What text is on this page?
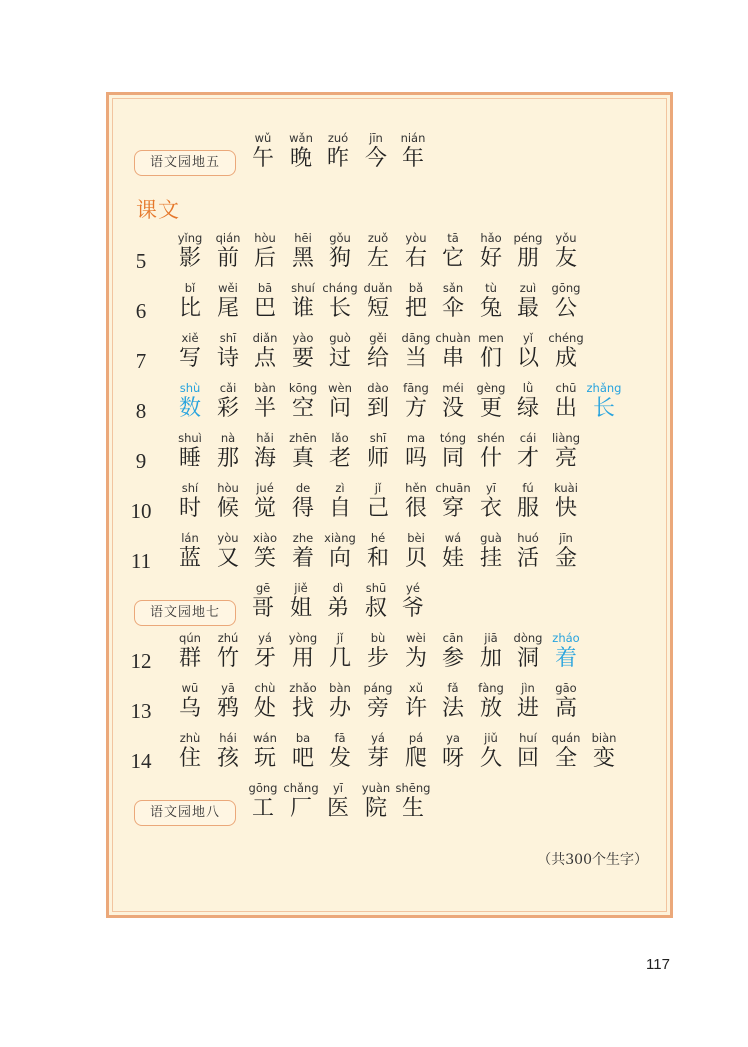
课文
语文园地五
wǔ
午
wǎn
晚
zuó
昨
jīn
今
nián
年
5
yǐng
影
qián
前
hòu
后
hēi
黑
gǒu
狗
zuǒ
左
yòu
右
tā
它
hǎo
好
péng
朋
yǒu
友
6
bǐ
比
wěi
尾
bā
巴
shuí
谁
cháng
长
duǎn
短
bǎ
把
sǎn
伞
tù
兔
zuì
最
gōng
公
7
xiě
写
shī
诗
diǎn
点
yào
要
guò
过
gěi
给
dāng
当
chuàn
串
men
们
yǐ
以
chéng
成
8
shù
数
cǎi
彩
bàn
半
kōng
空
wèn
问
dào
到
fāng
方
méi
没
gèng
更
lǜ
绿
chū
出
zhǎng
长
9
shuì
睡
nà
那
hǎi
海
zhēn
真
lǎo
老
shī
师
ma
吗
tóng
同
shén
什
cái
才
liàng
亮
10
shí
时
hòu
候
jué
觉
de
得
zì
自
jǐ
己
hěn
很
chuān
穿
yī
衣
fú
服
kuài
快
11
lán
蓝
yòu
又
xiào
笑
zhe
着
xiàng
向
hé
和
bèi
贝
wá
娃
guà
挂
huó
活
jīn
金
语文园地七
gē
哥
jiě
姐
dì
弟
shū
叔
yé
爷
12
qún
群
zhú
竹
yá
牙
yòng
用
jǐ
几
bù
步
wèi
为
cān
参
jiā
加
dòng
洞
zháo
着
13
wū
乌
yā
鸦
chù
处
zhǎo
找
bàn
办
páng
旁
xǔ
许
fǎ
法
fàng
放
jìn
进
gāo
高
14
zhù
住
hái
孩
wán
玩
ba
吧
fā
发
yá
芽
pá
爬
ya
呀
jiǔ
久
huí
回
quán
全
biàn
变
语文园地八
gōng
工
chǎng
厂
yī
医
yuàn
院
shēng
生
（共300个生字）
117
